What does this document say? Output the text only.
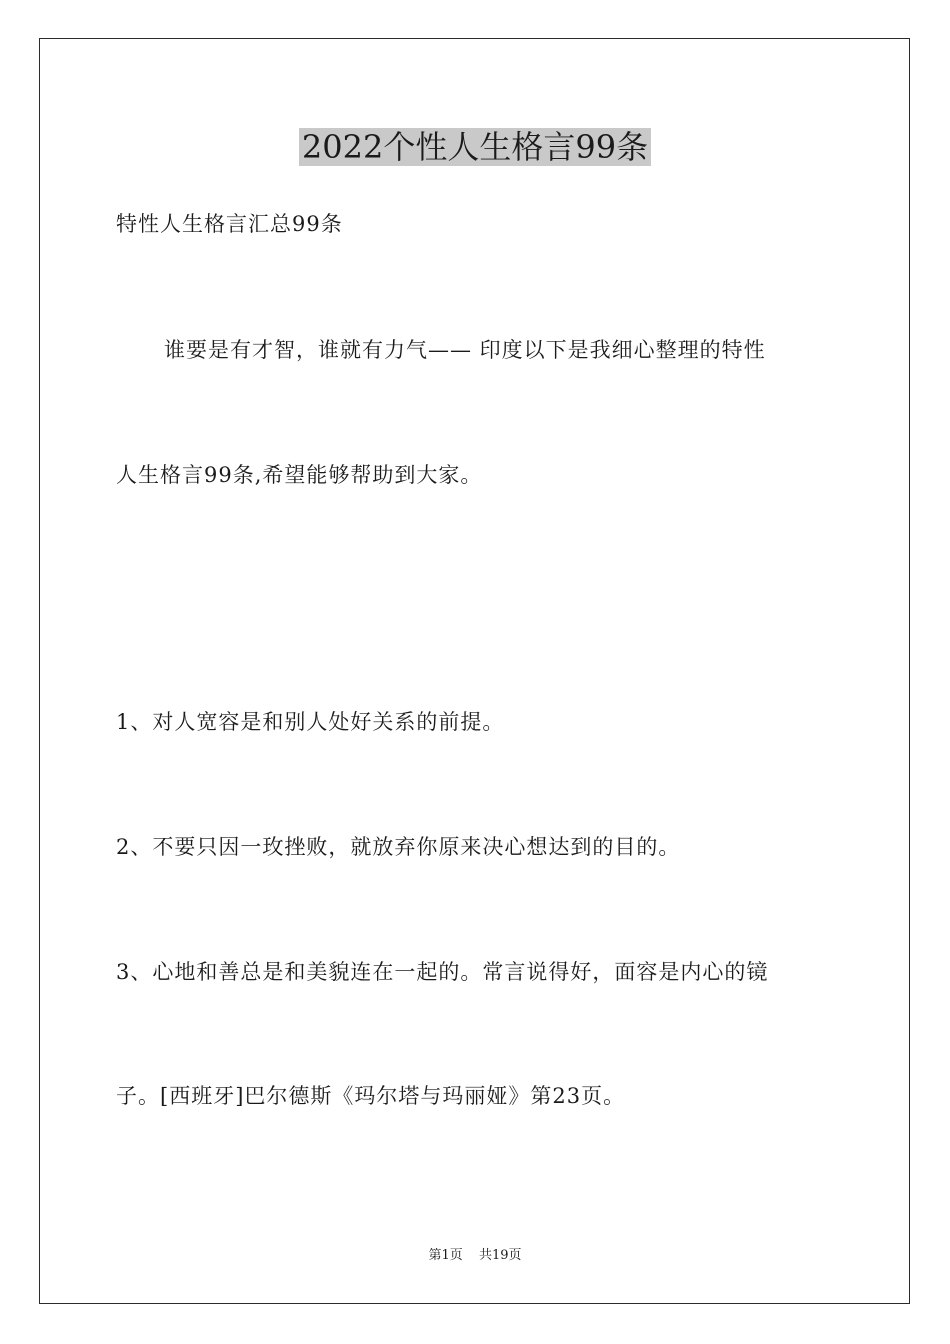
2022个性人生格言99条
特性人生格言汇总99条
谁要是有才智，谁就有力气—— 印度以下是我细心整理的特性
人生格言99条,希望能够帮助到大家。
1、对人宽容是和别人处好关系的前提。
2、不要只因一玫挫败，就放弃你原来决心想达到的目的。
3、心地和善总是和美貌连在一起的。常言说得好，面容是内心的镜
子。[西班牙]巴尔德斯《玛尔塔与玛丽娅》第23页。
第1页 共19页
